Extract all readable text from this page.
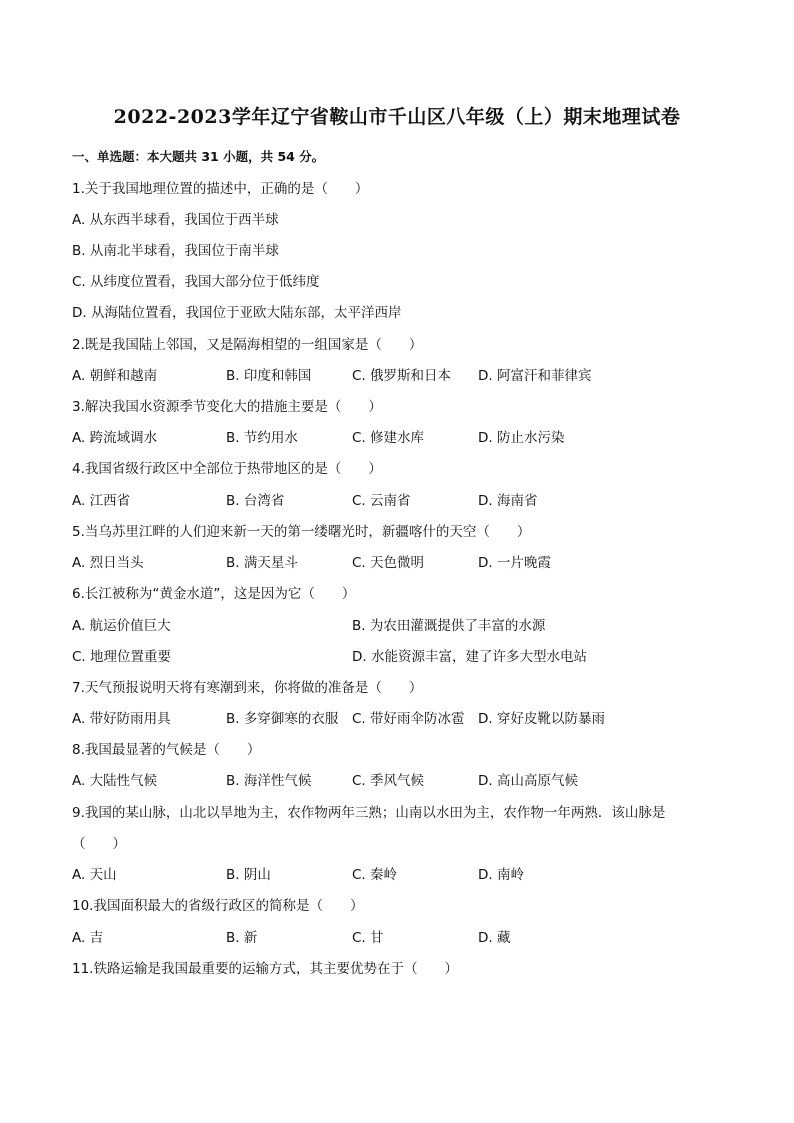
2022-2023学年辽宁省鞍山市千山区八年级（上）期末地理试卷
一、单选题：本大题共 31 小题，共 54 分。
1.关于我国地理位置的描述中，正确的是（　　）
A. 从东西半球看，我国位于西半球
B. 从南北半球看，我国位于南半球
C. 从纬度位置看，我国大部分位于低纬度
D. 从海陆位置看，我国位于亚欧大陆东部，太平洋西岸
2.既是我国陆上邻国，又是隔海相望的一组国家是（　　）
A. 朝鲜和越南	B. 印度和韩国	C. 俄罗斯和日本 D. 阿富汗和菲律宾
3.解决我国水资源季节变化大的措施主要是（　　）
A. 跨流域调水	B. 节约用水	C. 修建水库	D. 防止水污染
4.我国省级行政区中全部位于热带地区的是（　　）
A. 江西省	B. 台湾省	C. 云南省	D. 海南省
5.当乌苏里江畔的人们迎来新一天的第一缕曙光时，新疆喀什的天空（　　）
A. 烈日当头	B. 满天星斗	C. 天色微明	D. 一片晚霞
6.长江被称为“黄金水道”，这是因为它（　　）
A. 航运价值巨大	B. 为农田灌溉提供了丰富的水源
C. 地理位置重要	D. 水能资源丰富，建了许多大型水电站
7.天气预报说明天将有寒潮到来，你将做的准备是（　　）
A. 带好防雨用具	B. 多穿御寒的衣服 C. 带好雨伞防冰雹 D. 穿好皮靴以防暴雨
8.我国最显著的气候是（　　）
A. 大陆性气候	B. 海洋性气候	C. 季风气候	D. 高山高原气候
9.我国的某山脉，山北以旱地为主，农作物两年三熟；山南以水田为主，农作物一年两熟．该山脉是
（　　）
A. 天山	B. 阴山	C. 秦岭	D. 南岭
10.我国面积最大的省级行政区的简称是（　　）
A. 吉	B. 新	C. 甘	D. 藏
11.铁路运输是我国最重要的运输方式，其主要优势在于（　　）
